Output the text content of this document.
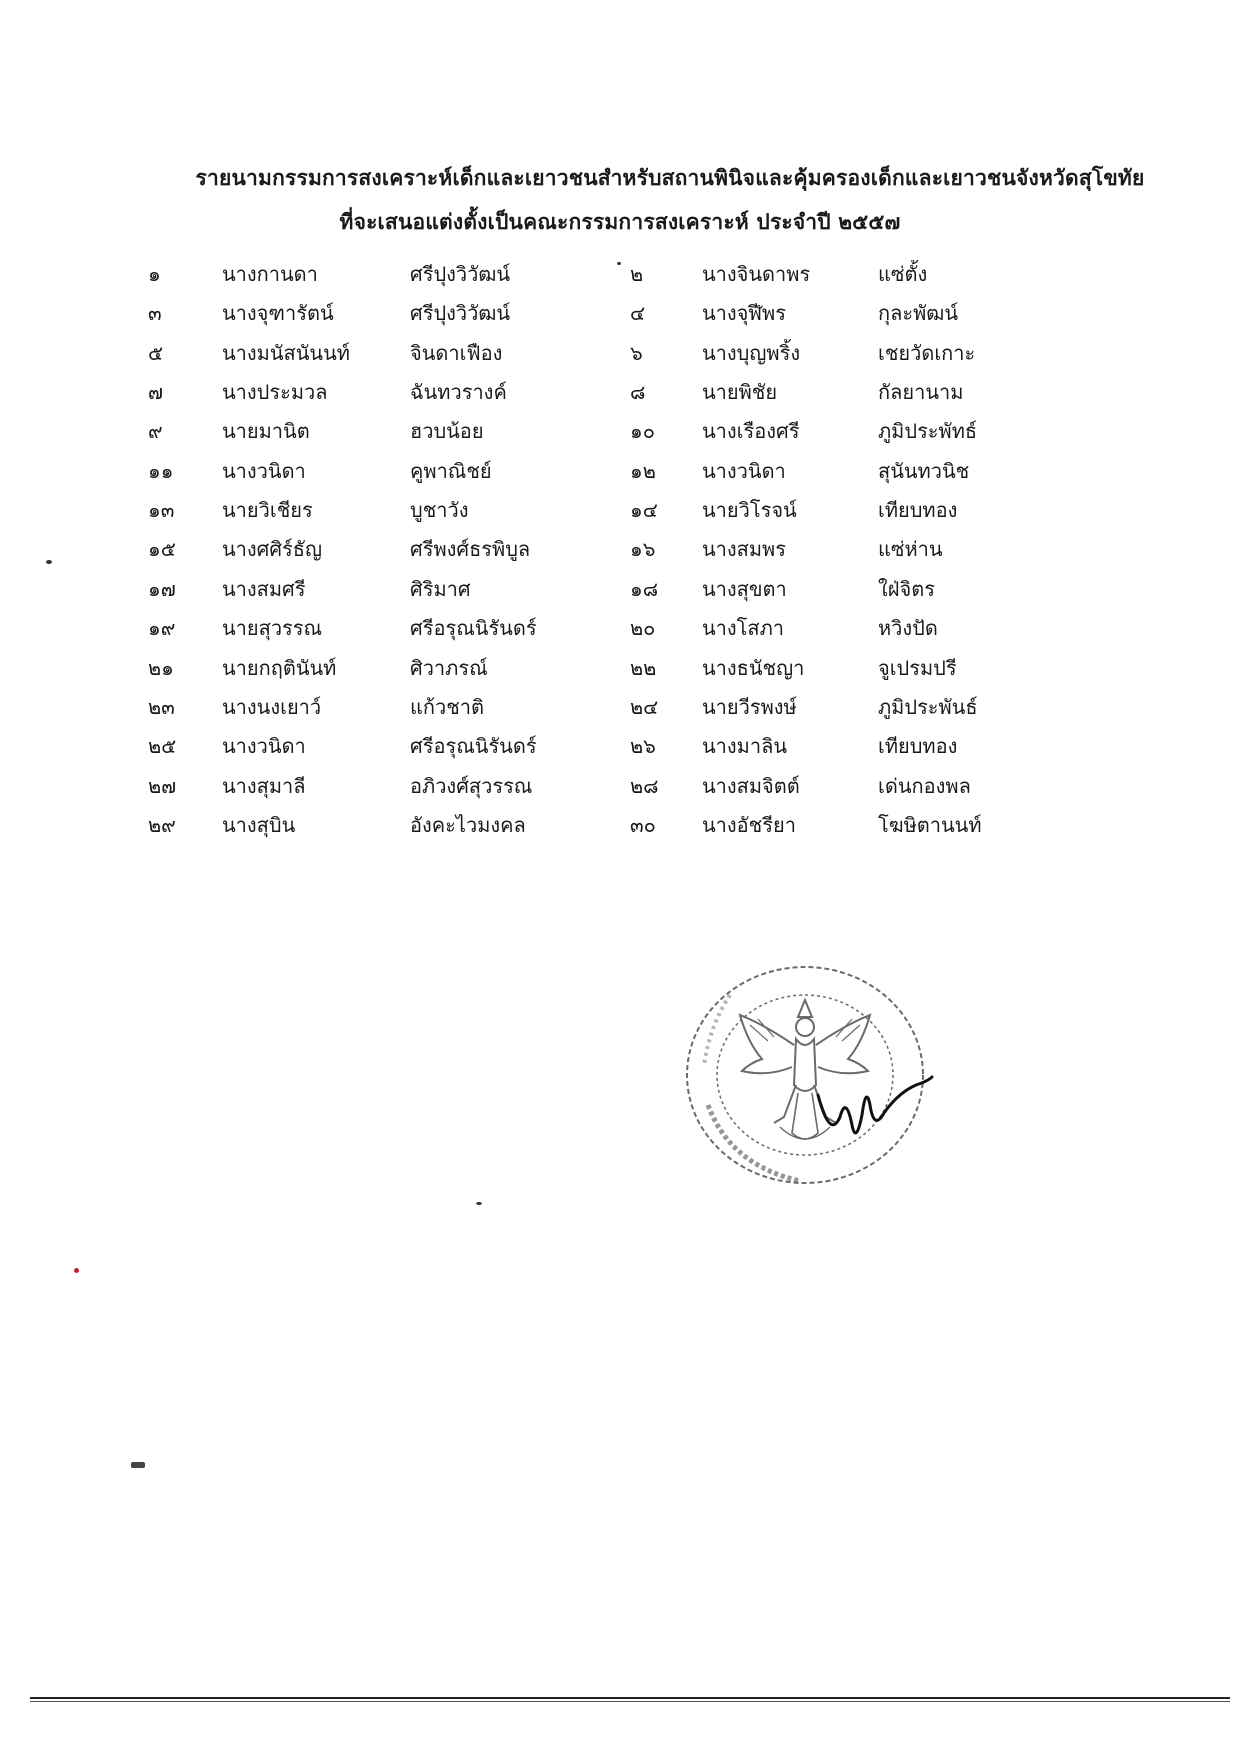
รายนามกรรมการสงเคราะห์เด็กและเยาวชนสำหรับสถานพินิจและคุ้มครองเด็กและเยาวชนจังหวัดสุโขทัย
ที่จะเสนอแต่งตั้งเป็นคณะกรรมการสงเคราะห์ ประจำปี ๒๕๕๗
๑	นางกานดา	ศรีปุงวิวัฒน์	๒	นางจินดาพร	แซ่ตั้ง
๓	นางจุฑารัตน์	ศรีปุงวิวัฒน์	๔	นางจุฬีพร	กุละพัฒน์
๕	นางมนัสนันนท์	จินดาเฟือง	๖	นางบุญพริ้ง	เชยวัดเกาะ
๗	นางประมวล	ฉันทวรางค์	๘	นายพิชัย	กัลยานาม
๙	นายมานิต	ฮวบน้อย	๑๐ นางเรืองศรี	ภูมิประพัทธ์
๑๑ นางวนิดา	คูพาณิชย์	๑๒ นางวนิดา	สุนันทวนิช
๑๓ นายวิเชียร	บูชาวัง	๑๔ นายวิโรจน์	เทียบทอง
๑๕ นางศศิร์ธัญ	ศรีพงศ์ธรพิบูล	๑๖ นางสมพร	แซ่ห่าน
๑๗ นางสมศรี	ศิริมาศ	๑๘ นางสุขตา	ใฝ่จิตร
๑๙ นายสุวรรณ	ศรีอรุณนิรันดร์	๒๐ นางโสภา	หวิงปัด
๒๑ นายกฤตินันท์	ศิวาภรณ์	๒๒ นางธนัชญา	จูเปรมปรี
๒๓ นางนงเยาว์	แก้วชาติ	๒๔ นายวีรพงษ์	ภูมิประพันธ์
๒๕ นางวนิดา	ศรีอรุณนิรันดร์	๒๖ นางมาลิน	เทียบทอง
๒๗ นางสุมาลี	อภิวงศ์สุวรรณ	๒๘ นางสมจิตต์	เด่นกองพล
๒๙ นางสุบิน	อังคะไวมงคล	๓๐ นางอัชรียา	โฆษิตานนท์
